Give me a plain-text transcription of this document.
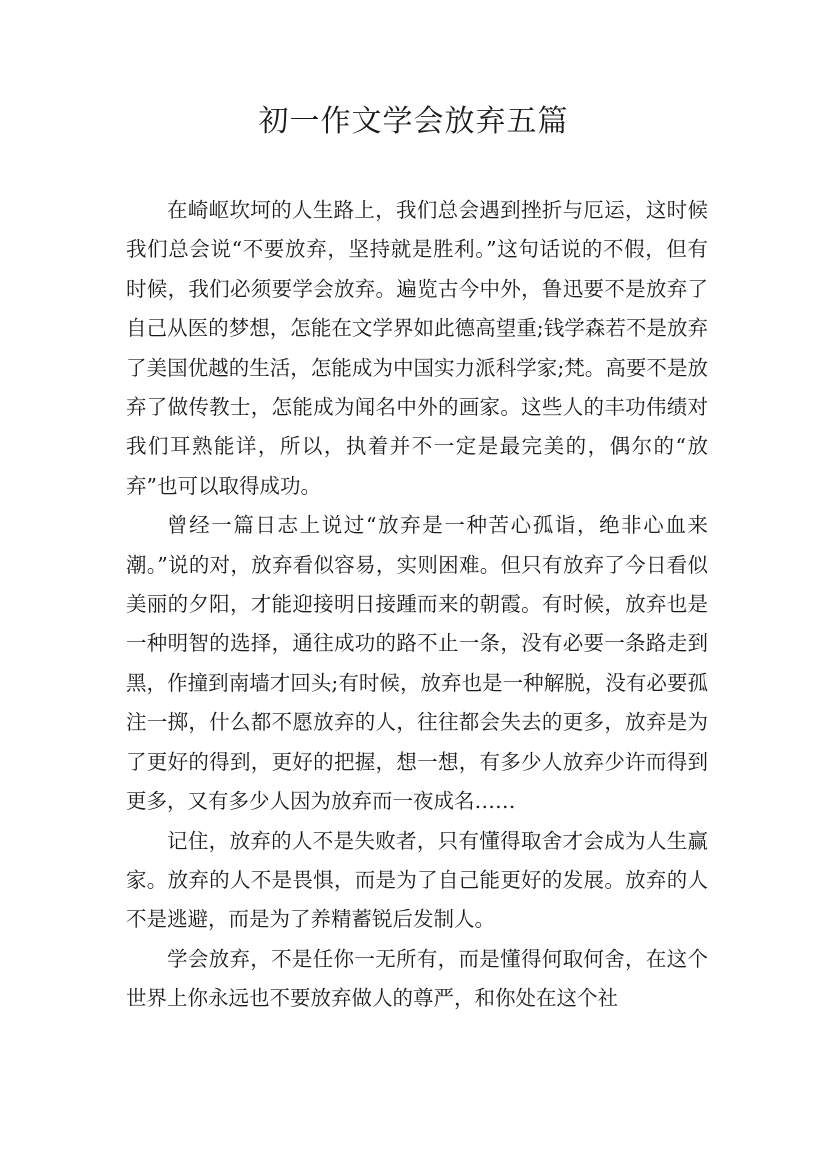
初一作文学会放弃五篇

在崎岖坎坷的人生路上，我们总会遇到挫折与厄运，这时候我们总会说“不要放弃，坚持就是胜利。”这句话说的不假，但有时候，我们必须要学会放弃。遍览古今中外，鲁迅要不是放弃了自己从医的梦想，怎能在文学界如此德高望重;钱学森若不是放弃了美国优越的生活，怎能成为中国实力派科学家;梵。高要不是放弃了做传教士，怎能成为闻名中外的画家。这些人的丰功伟绩对我们耳熟能详，所以，执着并不一定是最完美的，偶尔的“放弃”也可以取得成功。

曾经一篇日志上说过“放弃是一种苦心孤诣，绝非心血来潮。”说的对，放弃看似容易，实则困难。但只有放弃了今日看似美丽的夕阳，才能迎接明日接踵而来的朝霞。有时候，放弃也是一种明智的选择，通往成功的路不止一条，没有必要一条路走到黑，作撞到南墙才回头;有时候，放弃也是一种解脱，没有必要孤注一掷，什么都不愿放弃的人，往往都会失去的更多，放弃是为了更好的得到，更好的把握，想一想，有多少人放弃少许而得到更多，又有多少人因为放弃而一夜成名……

记住，放弃的人不是失败者，只有懂得取舍才会成为人生赢家。放弃的人不是畏惧，而是为了自己能更好的发展。放弃的人不是逃避，而是为了养精蓄锐后发制人。

学会放弃，不是任你一无所有，而是懂得何取何舍，在这个世界上你永远也不要放弃做人的尊严，和你处在这个社
